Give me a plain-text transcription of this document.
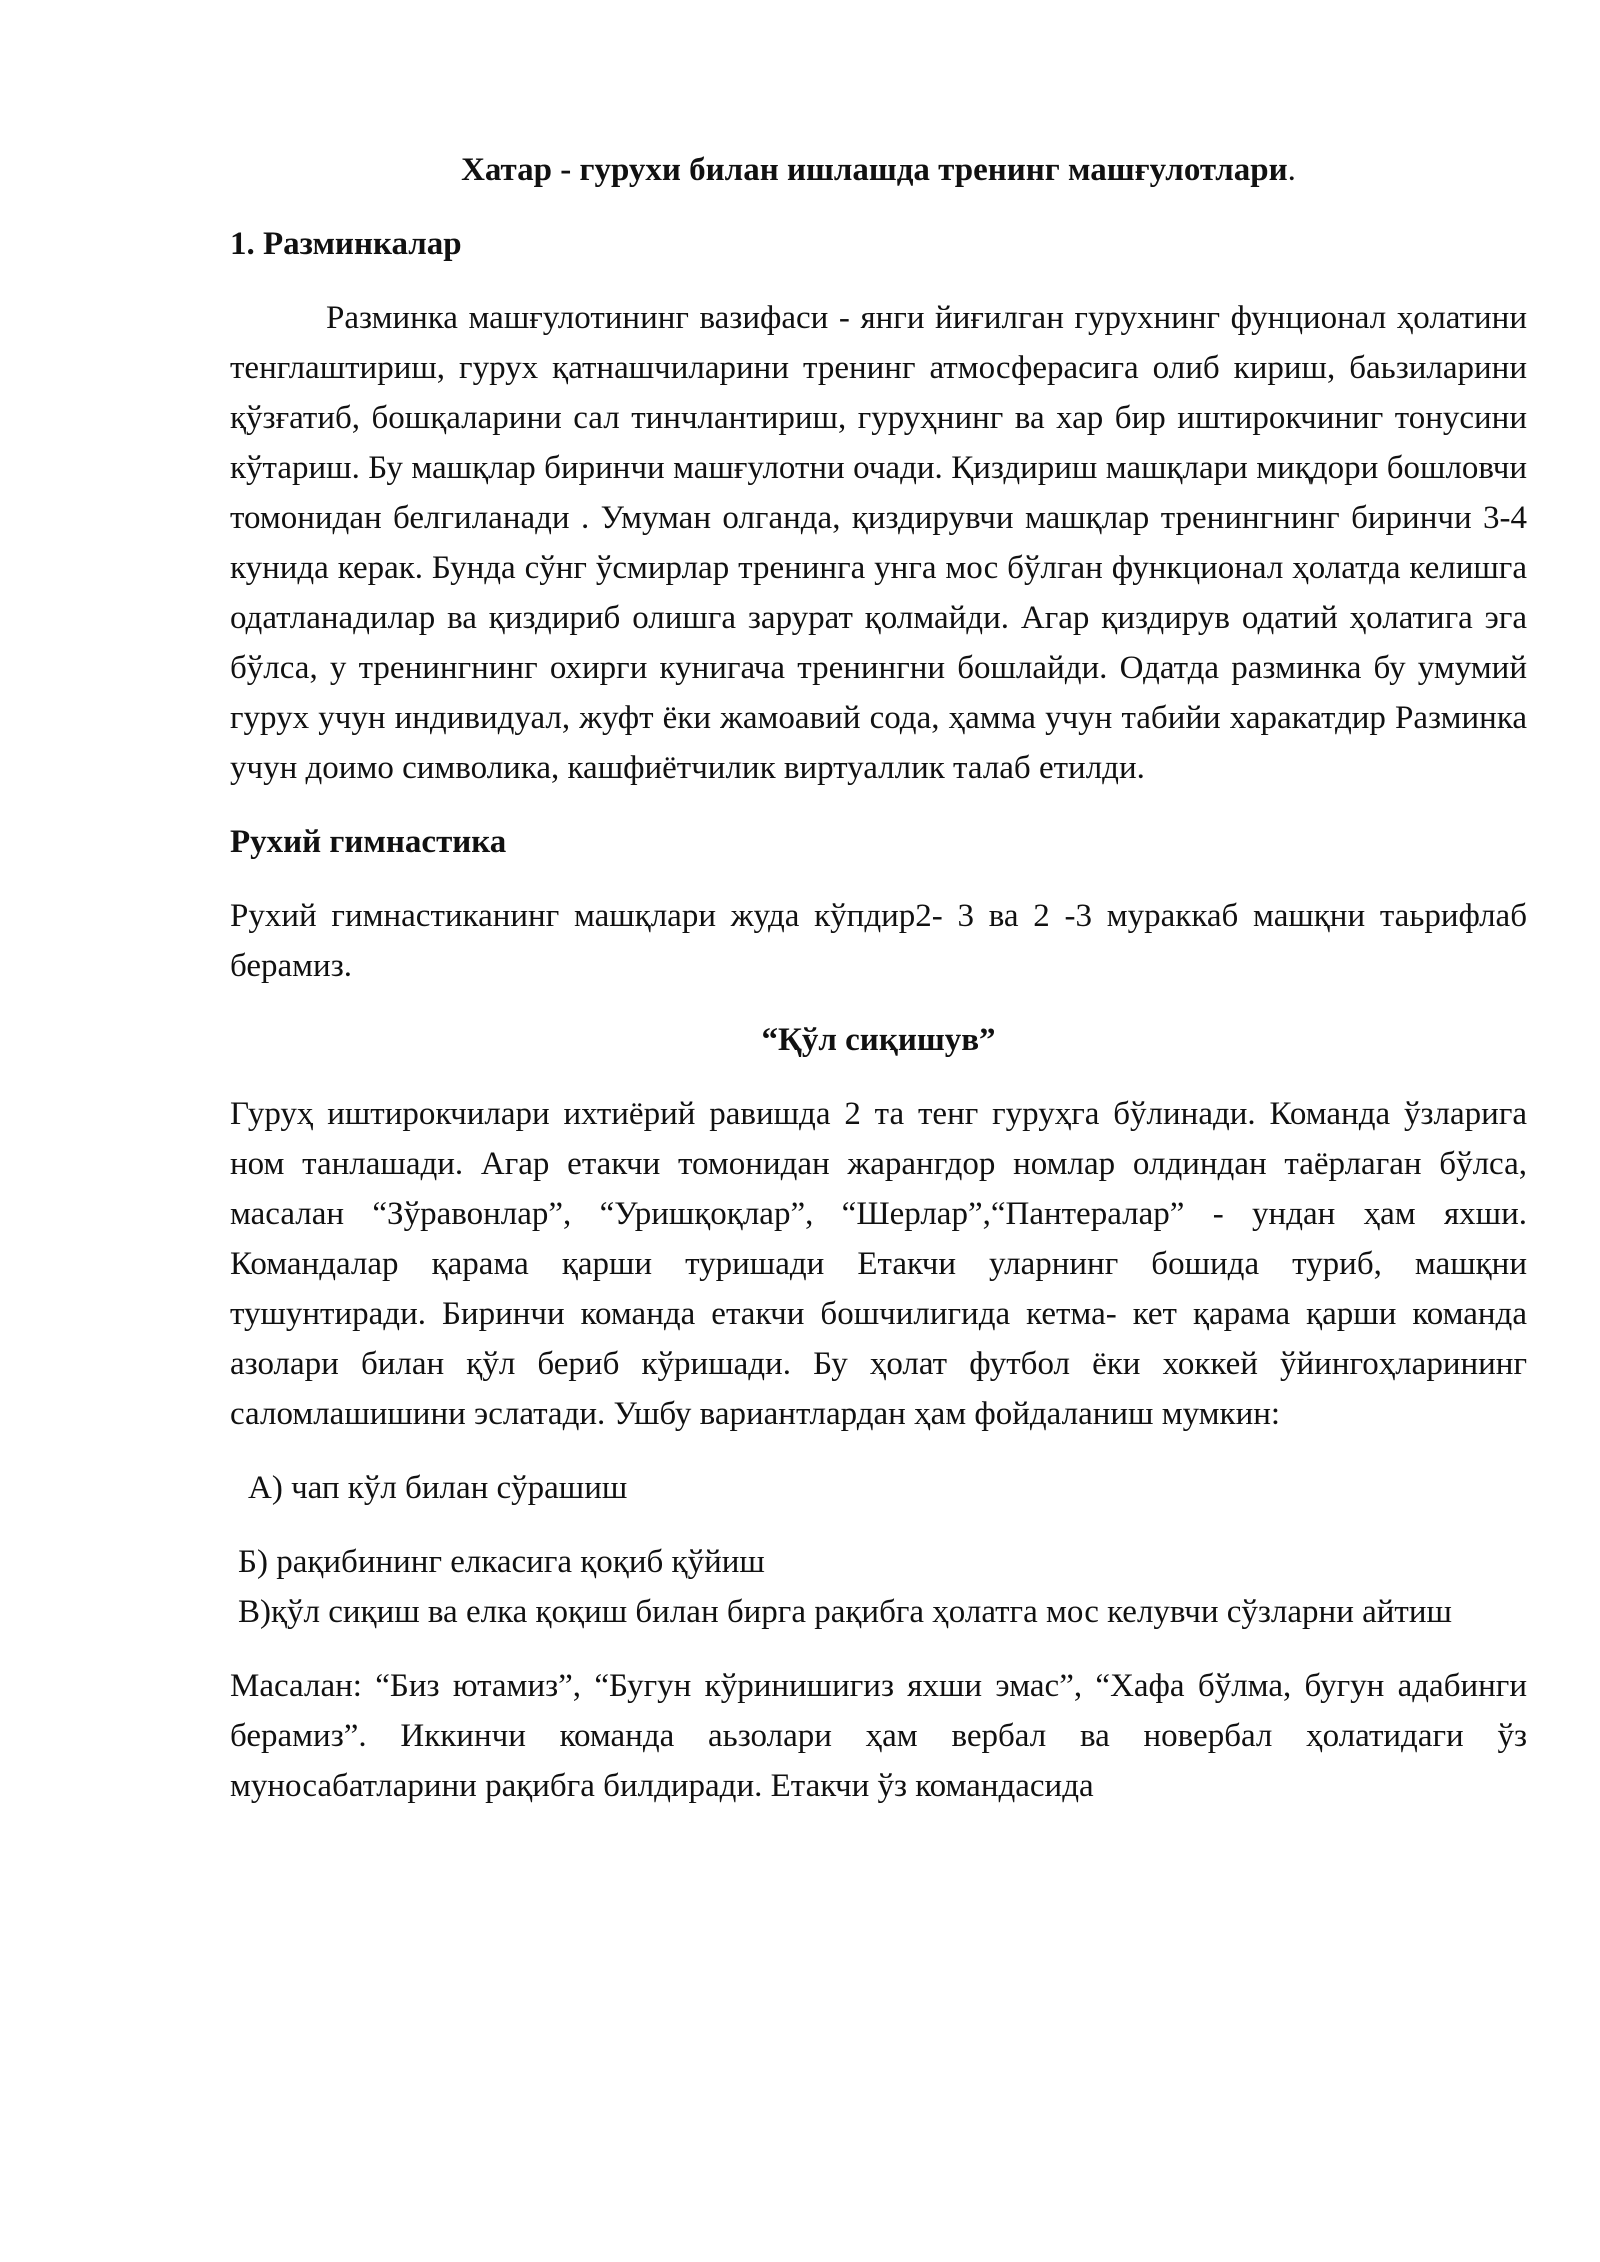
Хатар - гурухи билан ишлашда тренинг машғулотлари.
1. Разминкалар

Разминка машғулотининг вазифаси - янги йиғилган гурухнинг фунционал ҳолатини тенглаштириш, гурух қатнашчиларини тренинг атмосферасига олиб кириш, баьзиларини қўзғатиб, бошқаларини сал тинчлантириш, гуруҳнинг ва хар бир иштирокчиниг тонусини кўтариш. Бу машқлар биринчи машғулотни очади. Қиздириш машқлари миқдори бошловчи томонидан белгиланади . Умуман олганда, қиздирувчи машқлар тренингнинг биринчи 3-4 кунида керак. Бунда сўнг ўсмирлар тренинга унга мос бўлган функционал ҳолатда келишга одатланадилар ва қиздириб олишга зарурат қолмайди. Агар қиздирув одатий ҳолатига эга бўлса, у тренингнинг охирги кунигача тренингни бошлайди. Одатда разминка бу умумий гурух учун индивидуал, жуфт ёки жамоавий сода, ҳамма учун табийи харакатдир Разминка учун доимо символика, кашфиётчилик виртуаллик талаб етилди.

Рухий гимнастика

Рухий гимнастиканинг машқлари жуда кўпдир2- 3 ва 2 -3 мураккаб машқни таьрифлаб берамиз.

“Қўл сиқишув”

Гуруҳ иштирокчилари ихтиёрий равишда 2 та тенг гуруҳга бўлинади. Команда ўзларига ном танлашади. Агар етакчи томонидан жарангдор номлар олдиндан таёрлаган бўлса, масалан “Зўравонлар”, “Уришқоқлар”, “Шерлар”,“Пантералар” - ундан ҳам яхши. Командалар қарама қарши туришади Етакчи уларнинг бошида туриб, машқни тушунтиради. Биринчи команда етакчи бошчилигида кетма- кет қарама қарши команда азолари билан қўл бериб кўришади. Бу ҳолат футбол ёки хоккей ўйингоҳларининг саломлашишини эслатади. Ушбу вариантлардан ҳам фойдаланиш мумкин:

А) чап кўл билан сўрашиш
Б) рақибининг елкасига қоқиб қўйиш
В)қўл сиқиш ва елка қоқиш билан бирга рақибга ҳолатга мос келувчи сўзларни айтиш

Масалан: “Биз ютамиз”, “Бугун кўринишигиз яхши эмас”, “Хафа бўлма, бугун адабинги берамиз”. Иккинчи команда аьзолари ҳам вербал ва новербал ҳолатидаги ўз муносабатларини рақибга билдиради. Етакчи ўз командасида
